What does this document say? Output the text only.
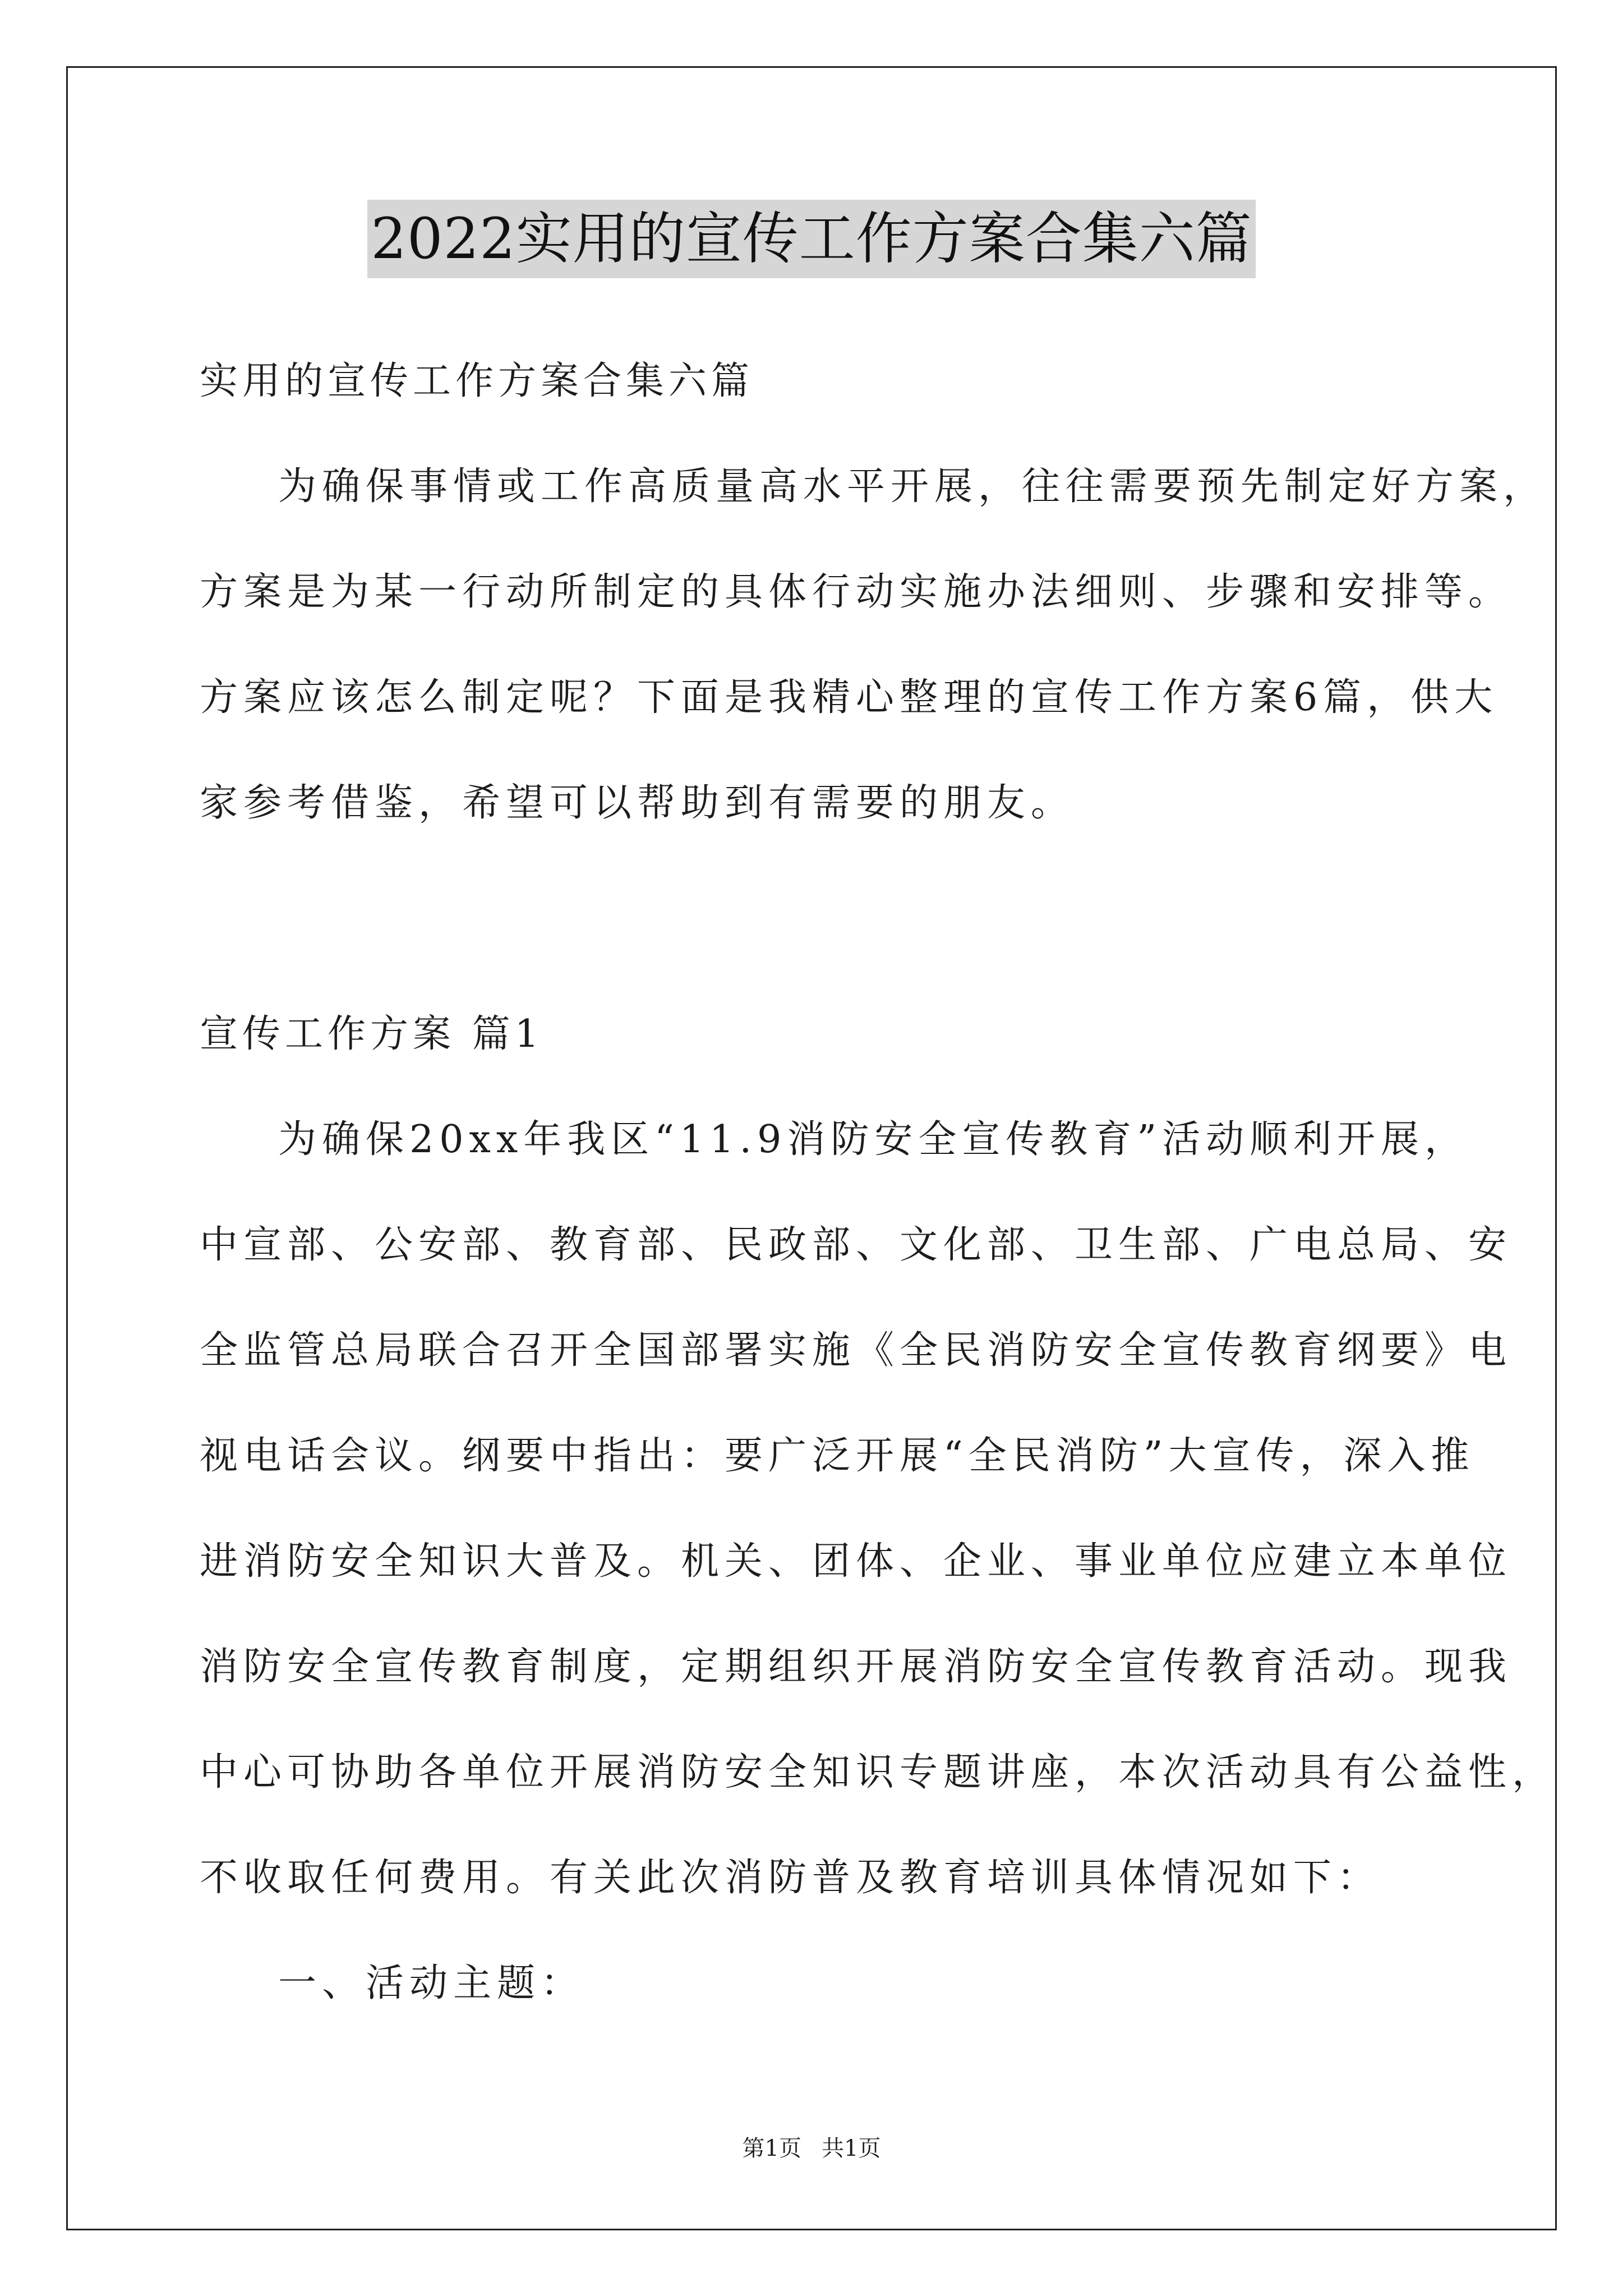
2022实用的宣传工作方案合集六篇
实用的宣传工作方案合集六篇
为确保事情或工作高质量高水平开展，往往需要预先制定好方案，
方案是为某一行动所制定的具体行动实施办法细则、步骤和安排等。
方案应该怎么制定呢？下面是我精心整理的宣传工作方案6篇，供大
家参考借鉴，希望可以帮助到有需要的朋友。
宣传工作方案 篇1
为确保20xx年我区“11.9消防安全宣传教育”活动顺利开展，
中宣部、公安部、教育部、民政部、文化部、卫生部、广电总局、安
全监管总局联合召开全国部署实施《全民消防安全宣传教育纲要》电
视电话会议。纲要中指出：要广泛开展“全民消防”大宣传，深入推
进消防安全知识大普及。机关、团体、企业、事业单位应建立本单位
消防安全宣传教育制度，定期组织开展消防安全宣传教育活动。现我
中心可协助各单位开展消防安全知识专题讲座，本次活动具有公益性，
不收取任何费用。有关此次消防普及教育培训具体情况如下：
一、活动主题：
第1页 共1页
